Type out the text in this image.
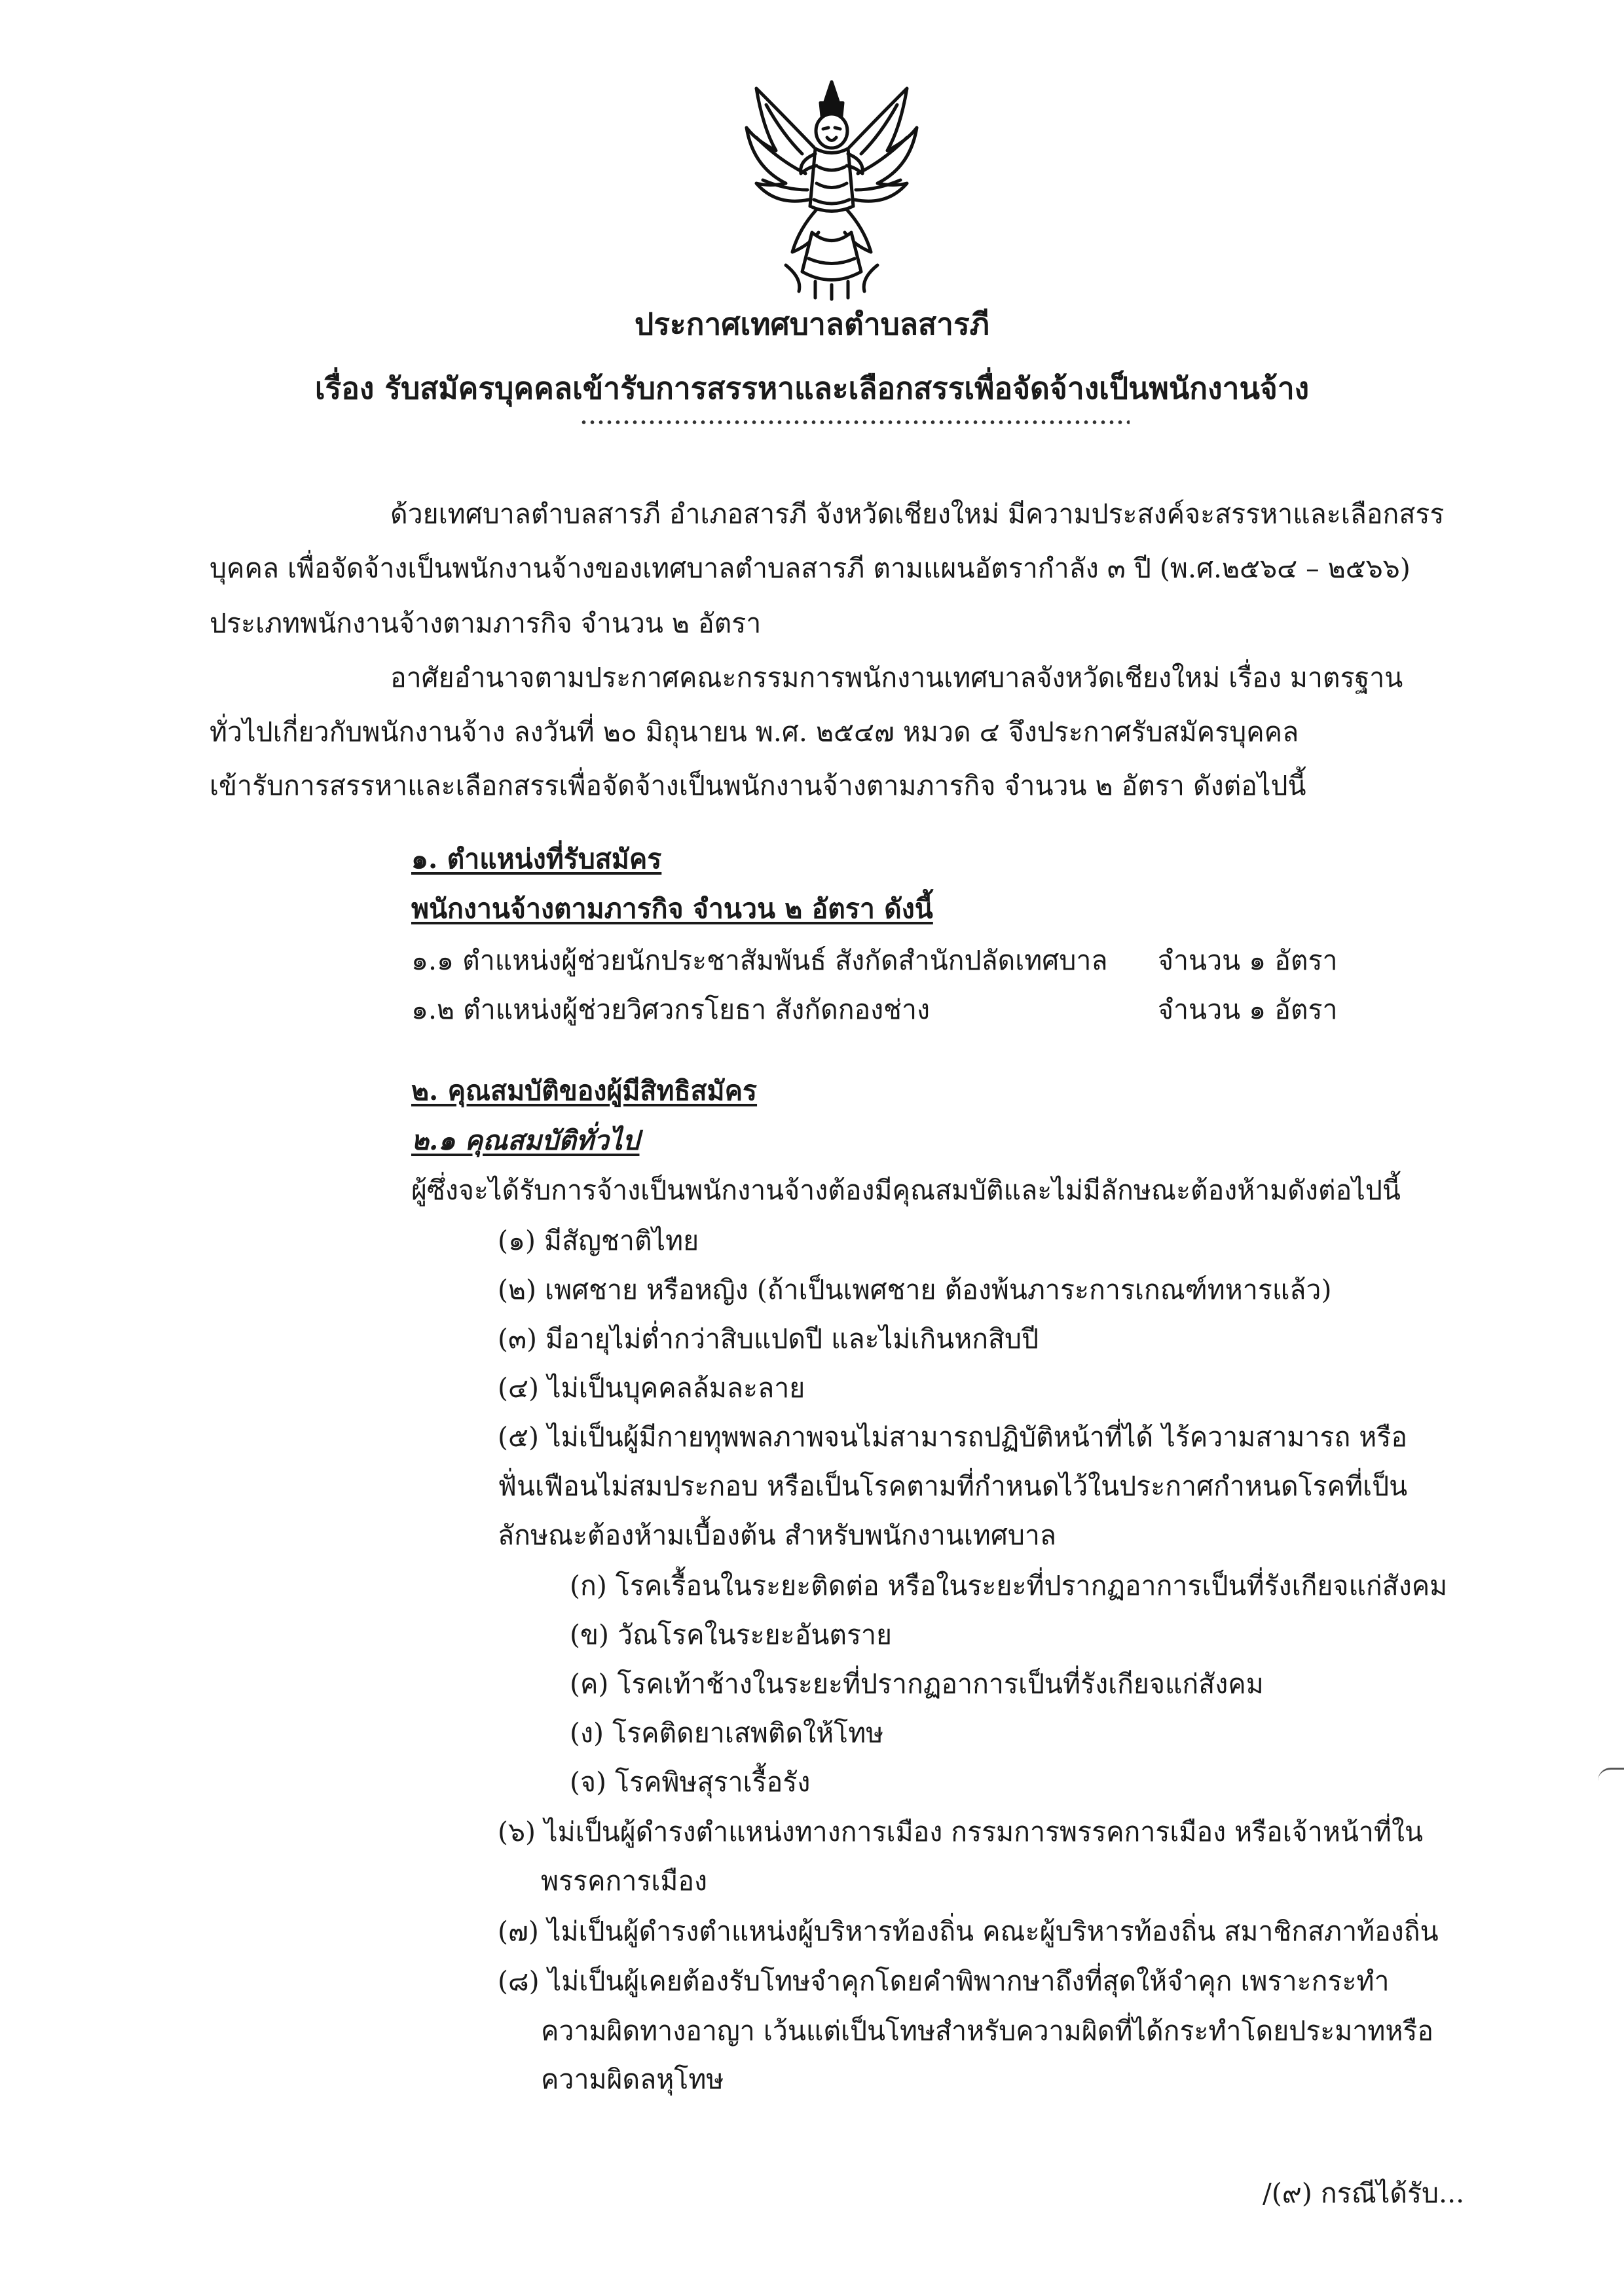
ประกาศเทศบาลตำบลสารภี
เรื่อง รับสมัครบุคคลเข้ารับการสรรหาและเลือกสรรเพื่อจัดจ้างเป็นพนักงานจ้าง
ด้วยเทศบาลตำบลสารภี อำเภอสารภี จังหวัดเชียงใหม่ มีความประสงค์จะสรรหาและเลือกสรร
บุคคล เพื่อจัดจ้างเป็นพนักงานจ้างของเทศบาลตำบลสารภี ตามแผนอัตรากำลัง ๓ ปี (พ.ศ.๒๕๖๔ – ๒๕๖๖)
ประเภทพนักงานจ้างตามภารกิจ จำนวน ๒ อัตรา
อาศัยอำนาจตามประกาศคณะกรรมการพนักงานเทศบาลจังหวัดเชียงใหม่ เรื่อง มาตรฐาน
ทั่วไปเกี่ยวกับพนักงานจ้าง ลงวันที่ ๒๐ มิถุนายน พ.ศ. ๒๕๔๗ หมวด ๔ จึงประกาศรับสมัครบุคคล
เข้ารับการสรรหาและเลือกสรรเพื่อจัดจ้างเป็นพนักงานจ้างตามภารกิจ จำนวน ๒ อัตรา ดังต่อไปนี้
๑. ตำแหน่งที่รับสมัคร
พนักงานจ้างตามภารกิจ จำนวน ๒ อัตรา ดังนี้
๑.๑ ตำแหน่งผู้ช่วยนักประชาสัมพันธ์ สังกัดสำนักปลัดเทศบาล จำนวน ๑ อัตรา
๑.๒ ตำแหน่งผู้ช่วยวิศวกรโยธา สังกัดกองช่าง	จำนวน ๑ อัตรา
๒. คุณสมบัติของผู้มีสิทธิสมัคร
๒.๑ คุณสมบัติทั่วไป
ผู้ซึ่งจะได้รับการจ้างเป็นพนักงานจ้างต้องมีคุณสมบัติและไม่มีลักษณะต้องห้ามดังต่อไปนี้
(๑) มีสัญชาติไทย
(๒) เพศชาย หรือหญิง (ถ้าเป็นเพศชาย ต้องพ้นภาระการเกณฑ์ทหารแล้ว)
(๓) มีอายุไม่ต่ำกว่าสิบแปดปี และไม่เกินหกสิบปี
(๔) ไม่เป็นบุคคลล้มละลาย
(๕) ไม่เป็นผู้มีกายทุพพลภาพจนไม่สามารถปฏิบัติหน้าที่ได้ ไร้ความสามารถ หรือ
ฟั่นเฟือนไม่สมประกอบ หรือเป็นโรคตามที่กำหนดไว้ในประกาศกำหนดโรคที่เป็น
ลักษณะต้องห้ามเบื้องต้น สำหรับพนักงานเทศบาล
(ก) โรคเรื้อนในระยะติดต่อ หรือในระยะที่ปรากฏอาการเป็นที่รังเกียจแก่สังคม
(ข) วัณโรคในระยะอันตราย
(ค) โรคเท้าช้างในระยะที่ปรากฏอาการเป็นที่รังเกียจแก่สังคม
(ง) โรคติดยาเสพติดให้โทษ
(จ) โรคพิษสุราเรื้อรัง
(๖) ไม่เป็นผู้ดำรงตำแหน่งทางการเมือง กรรมการพรรคการเมือง หรือเจ้าหน้าที่ใน
พรรคการเมือง
(๗) ไม่เป็นผู้ดำรงตำแหน่งผู้บริหารท้องถิ่น คณะผู้บริหารท้องถิ่น สมาชิกสภาท้องถิ่น
(๘) ไม่เป็นผู้เคยต้องรับโทษจำคุกโดยคำพิพากษาถึงที่สุดให้จำคุก เพราะกระทำ
ความผิดทางอาญา เว้นแต่เป็นโทษสำหรับความผิดที่ได้กระทำโดยประมาทหรือ
ความผิดลหุโทษ
/(๙) กรณีได้รับ...
